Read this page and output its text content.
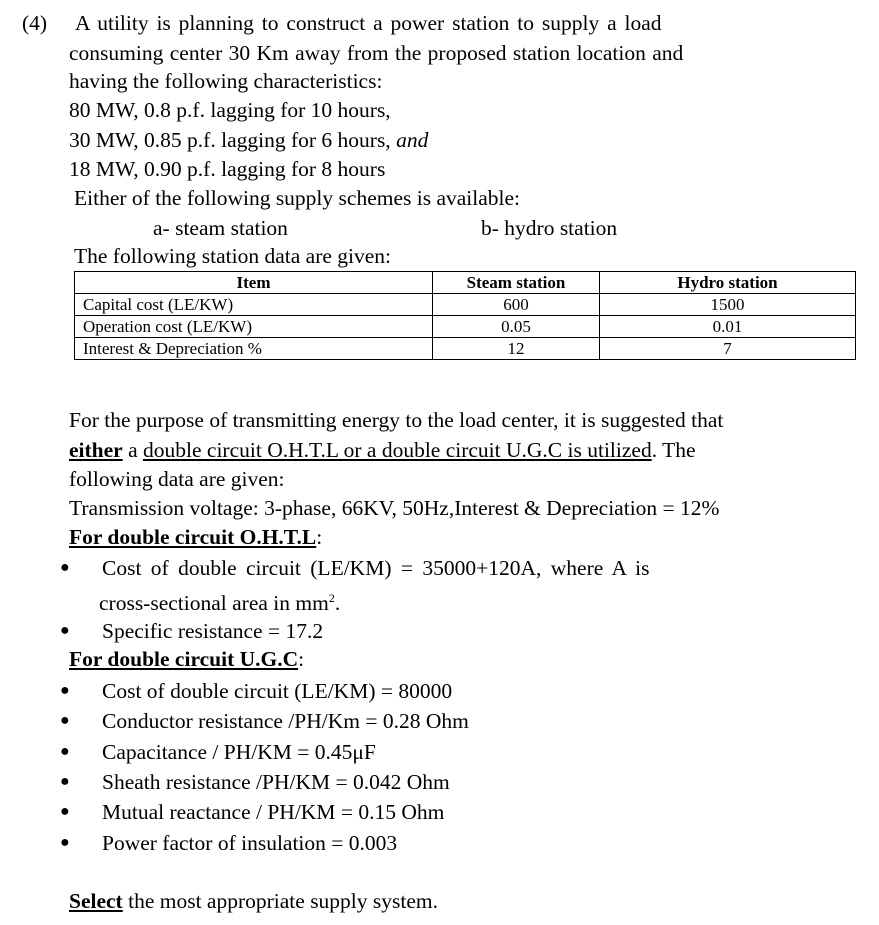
(4) A utility is planning to construct a power station to supply a load
consuming center 30 Km away from the proposed station location and
having the following characteristics:
80 MW, 0.8 p.f. lagging for 10 hours,
30 MW, 0.85 p.f. lagging for 6 hours, and
18 MW, 0.90 p.f. lagging for 8 hours
Either of the following supply schemes is available:
a- steam station	b- hydro station
The following station data are given:
Item	Steam station	Hydro station
Capital cost (LE/KW)	600	1500
Operation cost (LE/KW)	0.05	0.01
Interest & Depreciation %	12	7
For the purpose of transmitting energy to the load center, it is suggested that
either a double circuit O.H.T.L or a double circuit U.G.C is utilized. The
following data are given:
Transmission voltage: 3-phase, 66KV, 50Hz,Interest & Depreciation = 12%
For double circuit O.H.T.L:
● Cost of double circuit (LE/KM) = 35000+120A, where A is
cross-sectional area in $mm^2$.
● Specific resistance = 17.2
For double circuit U.G.C:
● Cost of double circuit (LE/KM) = 80000
● Conductor resistance /PH/Km = 0.28 Ohm
● Capacitance / PH/KM = 0.45μF
● Sheath resistance /PH/KM = 0.042 Ohm
● Mutual reactance / PH/KM = 0.15 Ohm
● Power factor of insulation = 0.003
Select the most appropriate supply system.
